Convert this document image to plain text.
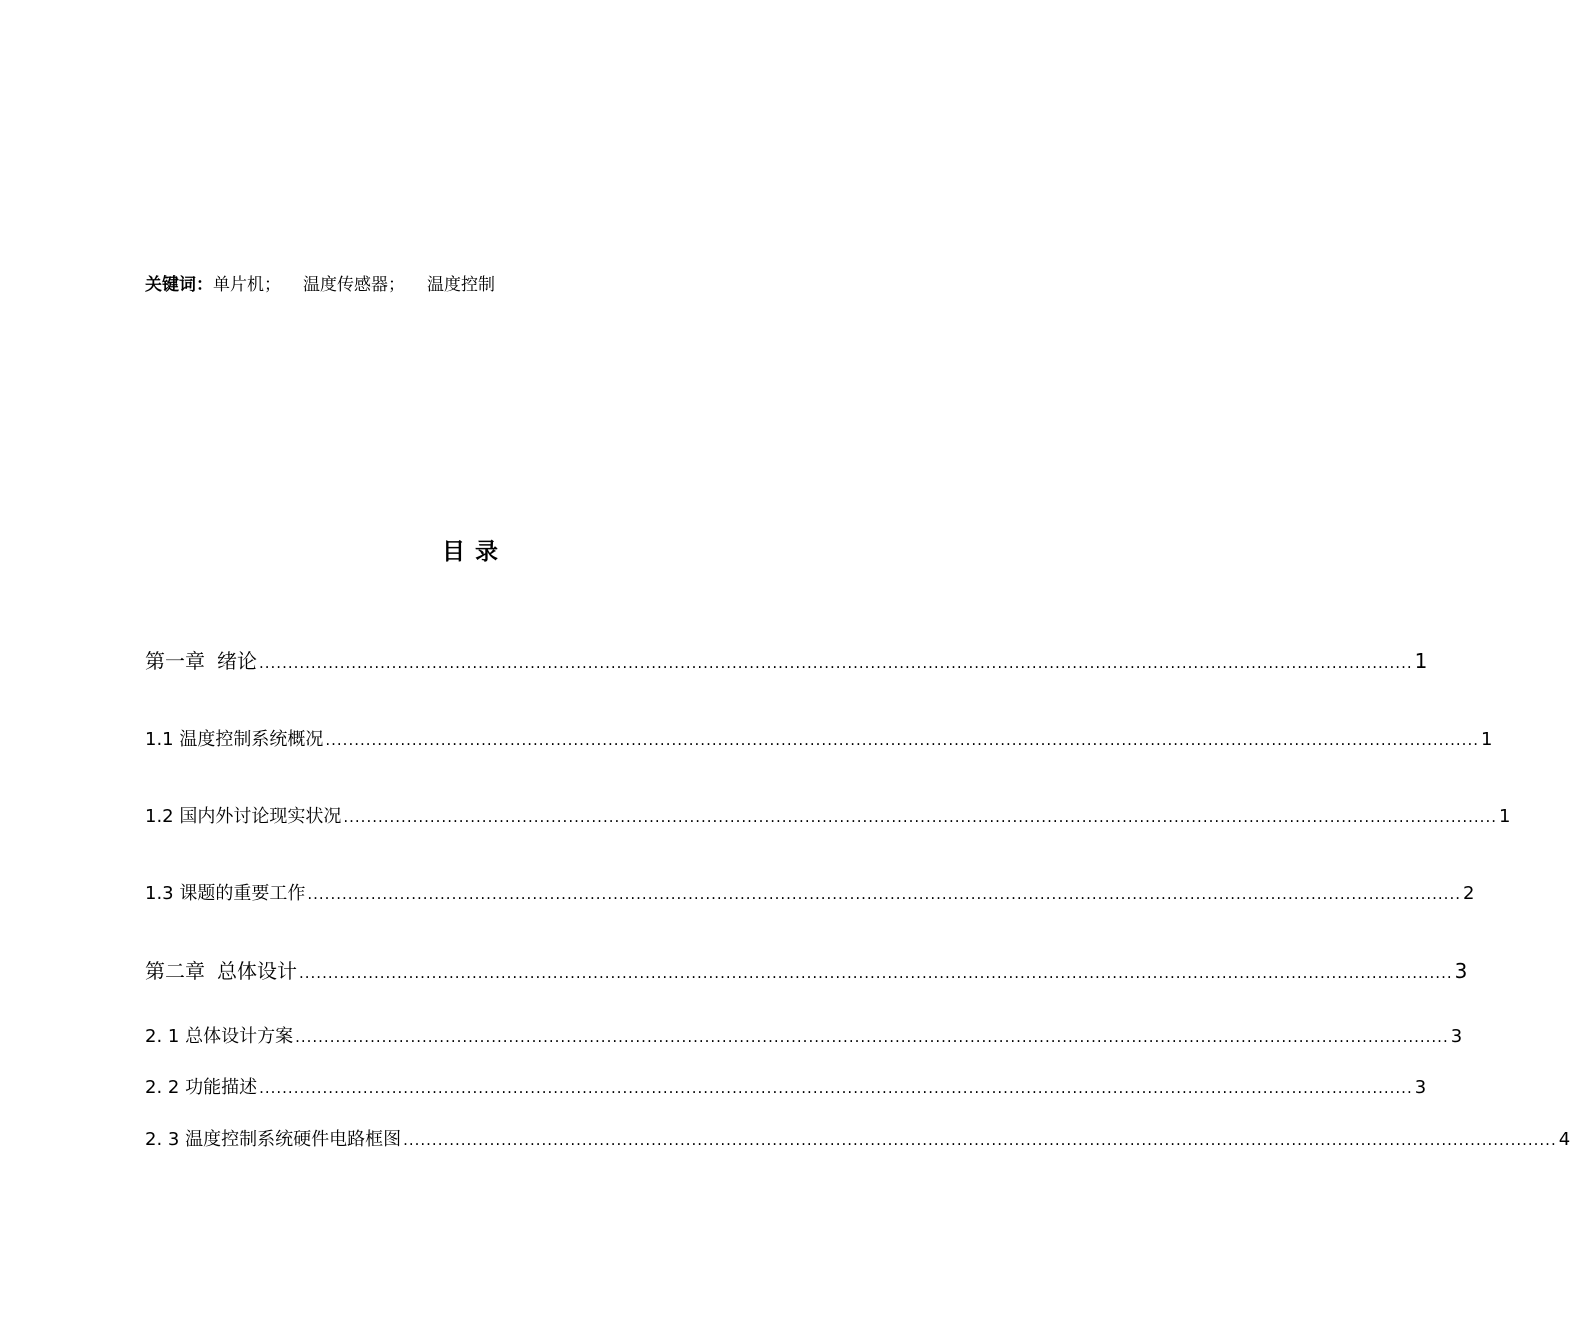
关键词：单片机； 温度传感器； 温度控制
目录
第一章 绪论 ........................................................................................................................................................................................................ 1
1.1 温度控制系统概况 ........................................................................................................................................................................................................ 1
1.2 国内外讨论现实状况 ........................................................................................................................................................................................................ 1
1.3 课题的重要工作 ........................................................................................................................................................................................................ 2
第二章 总体设计 ........................................................................................................................................................................................................ 3
2. 1 总体设计方案 ........................................................................................................................................................................................................ 3
2. 2 功能描述 ........................................................................................................................................................................................................ 3
2. 3 温度控制系统硬件电路框图 ........................................................................................................................................................................................................ 4
